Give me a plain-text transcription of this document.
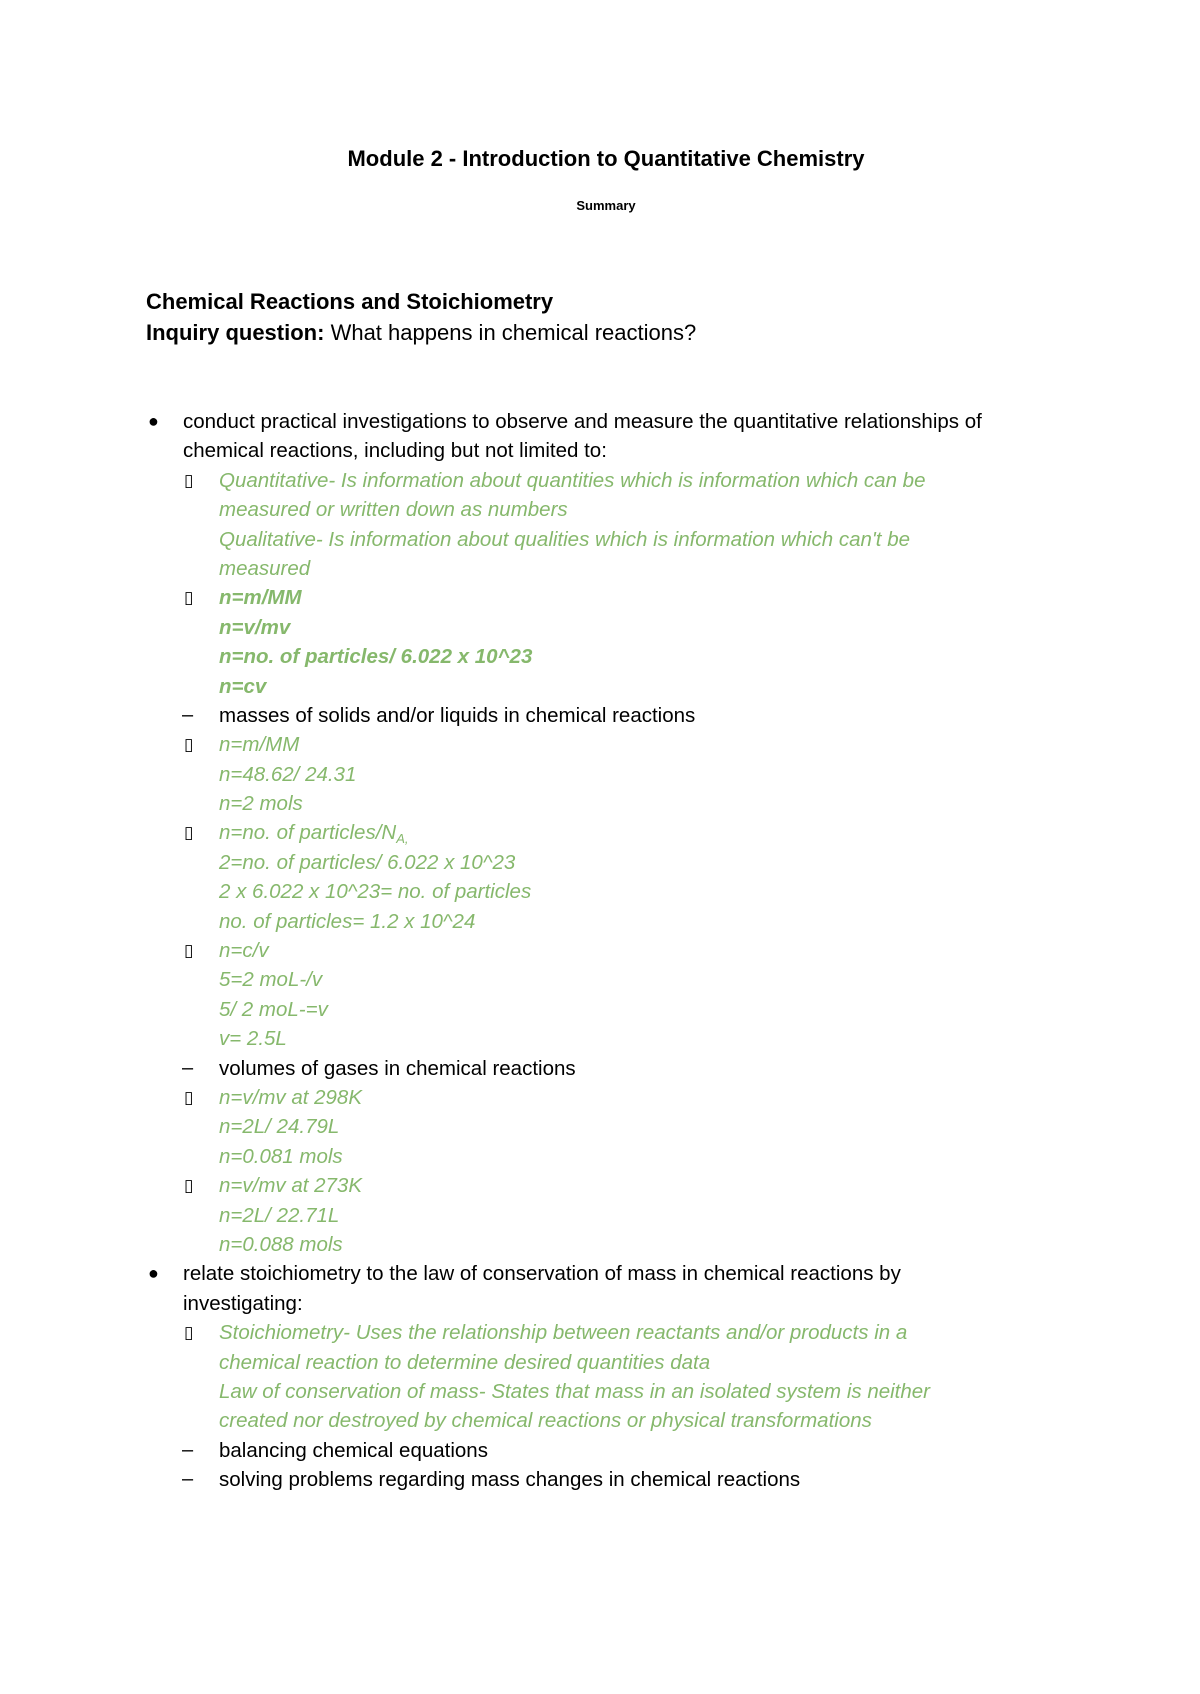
Module 2 - Introduction to Quantitative Chemistry
Summary
Chemical Reactions and Stoichiometry

Inquiry question: What happens in chemical reactions?

● conduct practical investigations to observe and measure the quantitative relationships of
chemical reactions, including but not limited to:
▯ Quantitative- Is information about quantities which is information which can be
measured or written down as numbers
Qualitative- Is information about qualities which is information which can't be
measured
▯ n=m/MM
n=v/mv
n=no. of particles/ 6.022 x 10^23
n=cv
– masses of solids and/or liquids in chemical reactions
▯ n=m/MM
n=48.62/ 24.31
n=2 mols
▯ n=no. of particles/$N_{A,}$
2=no. of particles/ 6.022 x 10^23
2 x 6.022 x 10^23= no. of particles
no. of particles= 1.2 x 10^24
▯ n=c/v
5=2 moL-/v
5/ 2 moL-=v
v= 2.5L
– volumes of gases in chemical reactions
▯ n=v/mv at 298K
n=2L/ 24.79L
n=0.081 mols
▯ n=v/mv at 273K
n=2L/ 22.71L
n=0.088 mols
● relate stoichiometry to the law of conservation of mass in chemical reactions by
investigating:
▯ Stoichiometry- Uses the relationship between reactants and/or products in a
chemical reaction to determine desired quantities data
Law of conservation of mass- States that mass in an isolated system is neither
created nor destroyed by chemical reactions or physical transformations
– balancing chemical equations
– solving problems regarding mass changes in chemical reactions
